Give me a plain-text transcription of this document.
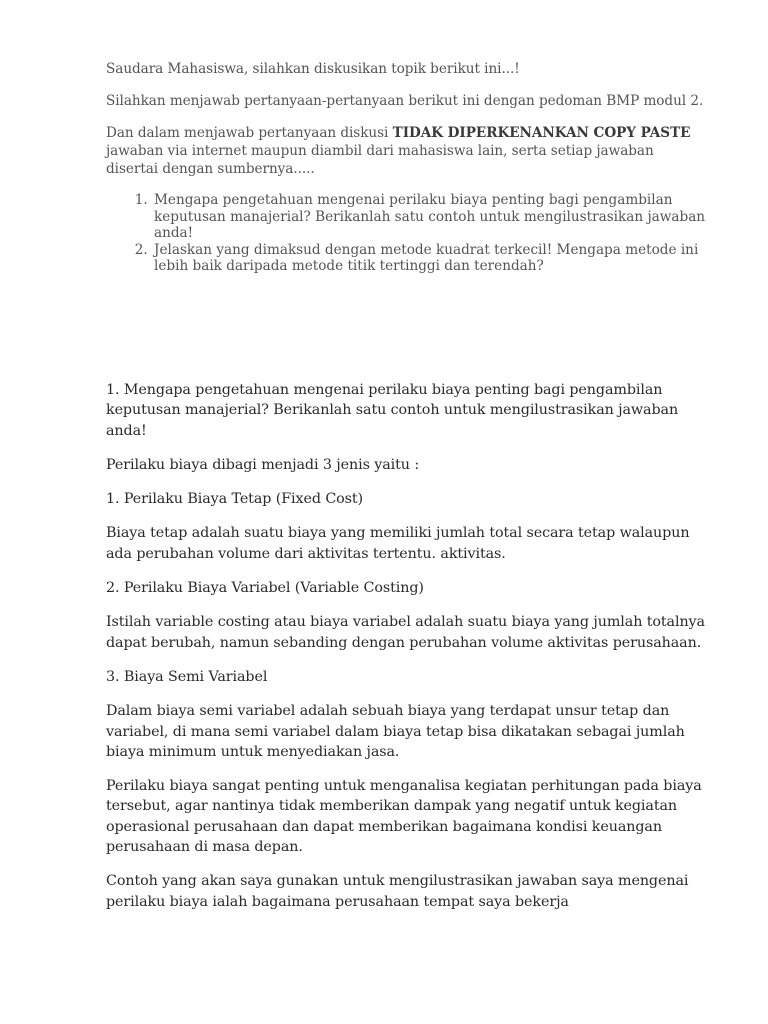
Saudara Mahasiswa, silahkan diskusikan topik berikut ini...!

Silahkan menjawab pertanyaan-pertanyaan berikut ini dengan pedoman BMP modul 2.

Dan dalam menjawab pertanyaan diskusi TIDAK DIPERKENANKAN COPY PASTE jawaban via internet maupun diambil dari mahasiswa lain, serta setiap jawaban disertai dengan sumbernya.....

1. Mengapa pengetahuan mengenai perilaku biaya penting bagi pengambilan keputusan manajerial? Berikanlah satu contoh untuk mengilustrasikan jawaban anda!
2. Jelaskan yang dimaksud dengan metode kuadrat terkecil! Mengapa metode ini lebih baik daripada metode titik tertinggi dan terendah?

1. Mengapa pengetahuan mengenai perilaku biaya penting bagi pengambilan keputusan manajerial? Berikanlah satu contoh untuk mengilustrasikan jawaban anda!

Perilaku biaya dibagi menjadi 3 jenis yaitu :

1. Perilaku Biaya Tetap (Fixed Cost)

Biaya tetap adalah suatu biaya yang memiliki jumlah total secara tetap walaupun ada perubahan volume dari aktivitas tertentu. aktivitas.

2. Perilaku Biaya Variabel (Variable Costing)

Istilah variable costing atau biaya variabel adalah suatu biaya yang jumlah totalnya dapat berubah, namun sebanding dengan perubahan volume aktivitas perusahaan.

3. Biaya Semi Variabel

Dalam biaya semi variabel adalah sebuah biaya yang terdapat unsur tetap dan variabel, di mana semi variabel dalam biaya tetap bisa dikatakan sebagai jumlah biaya minimum untuk menyediakan jasa.

Perilaku biaya sangat penting untuk menganalisa kegiatan perhitungan pada biaya tersebut, agar nantinya tidak memberikan dampak yang negatif untuk kegiatan operasional perusahaan dan dapat memberikan bagaimana kondisi keuangan perusahaan di masa depan.

Contoh yang akan saya gunakan untuk mengilustrasikan jawaban saya mengenai perilaku biaya ialah bagaimana perusahaan tempat saya bekerja
